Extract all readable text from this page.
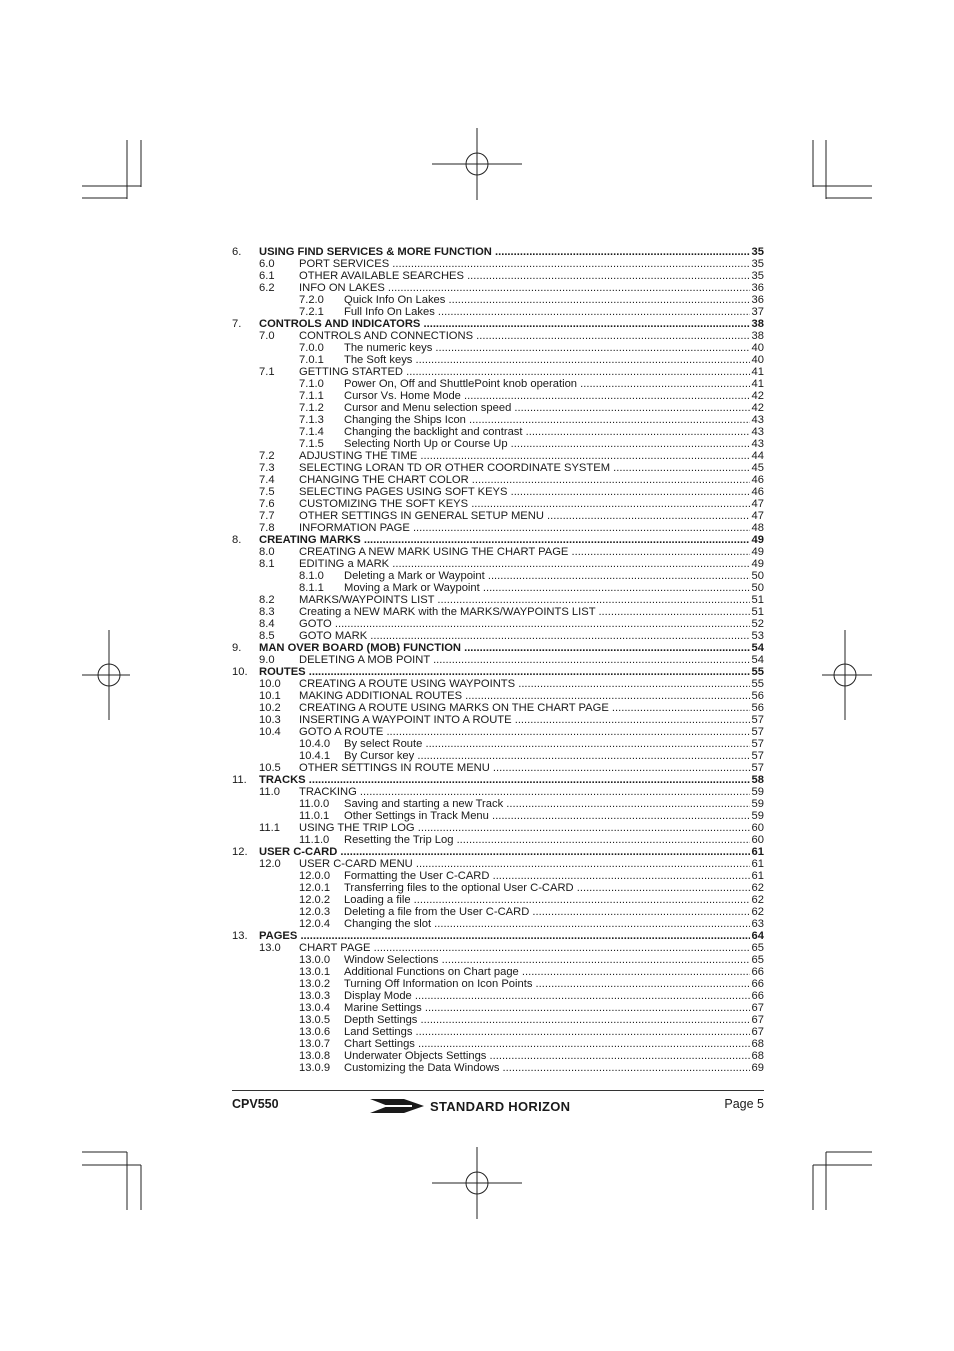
6. USING FIND SERVICES & MORE FUNCTION .....	35
6.0 PORT SERVICES .....	35
6.1 OTHER AVAILABLE SEARCHES .....	35
6.2 INFO ON LAKES .....	36
7.2.0 Quick Info On Lakes .....	36
7.2.1 Full Info On Lakes .....	37
7. CONTROLS AND INDICATORS .....	38
7.0 CONTROLS AND CONNECTIONS .....	38
7.0.0 The numeric keys .....	40
7.0.1 The Soft keys .....	40
7.1 GETTING STARTED .....	41
7.1.0 Power On, Off and ShuttlePoint knob operation .....	41
7.1.1 Cursor Vs. Home Mode .....	42
7.1.2 Cursor and Menu selection speed .....	42
7.1.3 Changing the Ships Icon .....	43
7.1.4 Changing the backlight and contrast .....	43
7.1.5 Selecting North Up or Course Up .....	43
7.2 ADJUSTING THE TIME .....	44
7.3 SELECTING LORAN TD OR OTHER COORDINATE SYSTEM .....	45
7.4 CHANGING THE CHART COLOR .....	46
7.5 SELECTING PAGES USING SOFT KEYS .....	46
7.6 CUSTOMIZING THE SOFT KEYS .....	47
7.7 OTHER SETTINGS IN GENERAL SETUP MENU .....	47
7.8 INFORMATION PAGE .....	48
8. CREATING MARKS .....	49
8.0 CREATING A NEW MARK USING THE CHART PAGE .....	49
8.1 EDITING a MARK .....	49
8.1.0 Deleting a Mark or Waypoint .....	50
8.1.1 Moving a Mark or Waypoint .....	50
8.2 MARKS/WAYPOINTS LIST .....	51
8.3 Creating a NEW MARK with the MARKS/WAYPOINTS LIST .....	51
8.4 GOTO .....	52
8.5 GOTO MARK .....	53
9. MAN OVER BOARD (MOB) FUNCTION .....	54
9.0 DELETING A MOB POINT .....	54
10. ROUTES .....	55
10.0 CREATING A ROUTE USING WAYPOINTS .....	55
10.1 MAKING ADDITIONAL ROUTES .....	56
10.2 CREATING A ROUTE USING MARKS ON THE CHART PAGE .....	56
10.3 INSERTING A WAYPOINT INTO A ROUTE .....	57
10.4 GOTO A ROUTE .....	57
10.4.0 By select Route .....	57
10.4.1 By Cursor key .....	57
10.5 OTHER SETTINGS IN ROUTE MENU .....	57
11. TRACKS .....	58
11.0 TRACKING .....	59
11.0.0 Saving and starting a new Track .....	59
11.0.1 Other Settings in Track Menu .....	59
11.1 USING THE TRIP LOG .....	60
11.1.0 Resetting the Trip Log .....	60
12. USER C-CARD .....	61
12.0 USER C-CARD MENU .....	61
12.0.0 Formatting the User C-CARD .....	61
12.0.1 Transferring files to the optional User C-CARD .....	62
12.0.2 Loading a file .....	62
12.0.3 Deleting a file from the User C-CARD .....	62
12.0.4 Changing the slot .....	63
13. PAGES .....	64
13.0 CHART PAGE .....	65
13.0.0 Window Selections .....	65
13.0.1 Additional Functions on Chart page .....	66
13.0.2 Turning Off Information on Icon Points .....	66
13.0.3 Display Mode .....	66
13.0.4 Marine Settings .....	67
13.0.5 Depth Settings .....	67
13.0.6 Land Settings .....	67
13.0.7 Chart Settings .....	68
13.0.8 Underwater Objects Settings .....	68
13.0.9 Customizing the Data Windows .....	69
CPV550	STANDARD HORIZON	Page 5
